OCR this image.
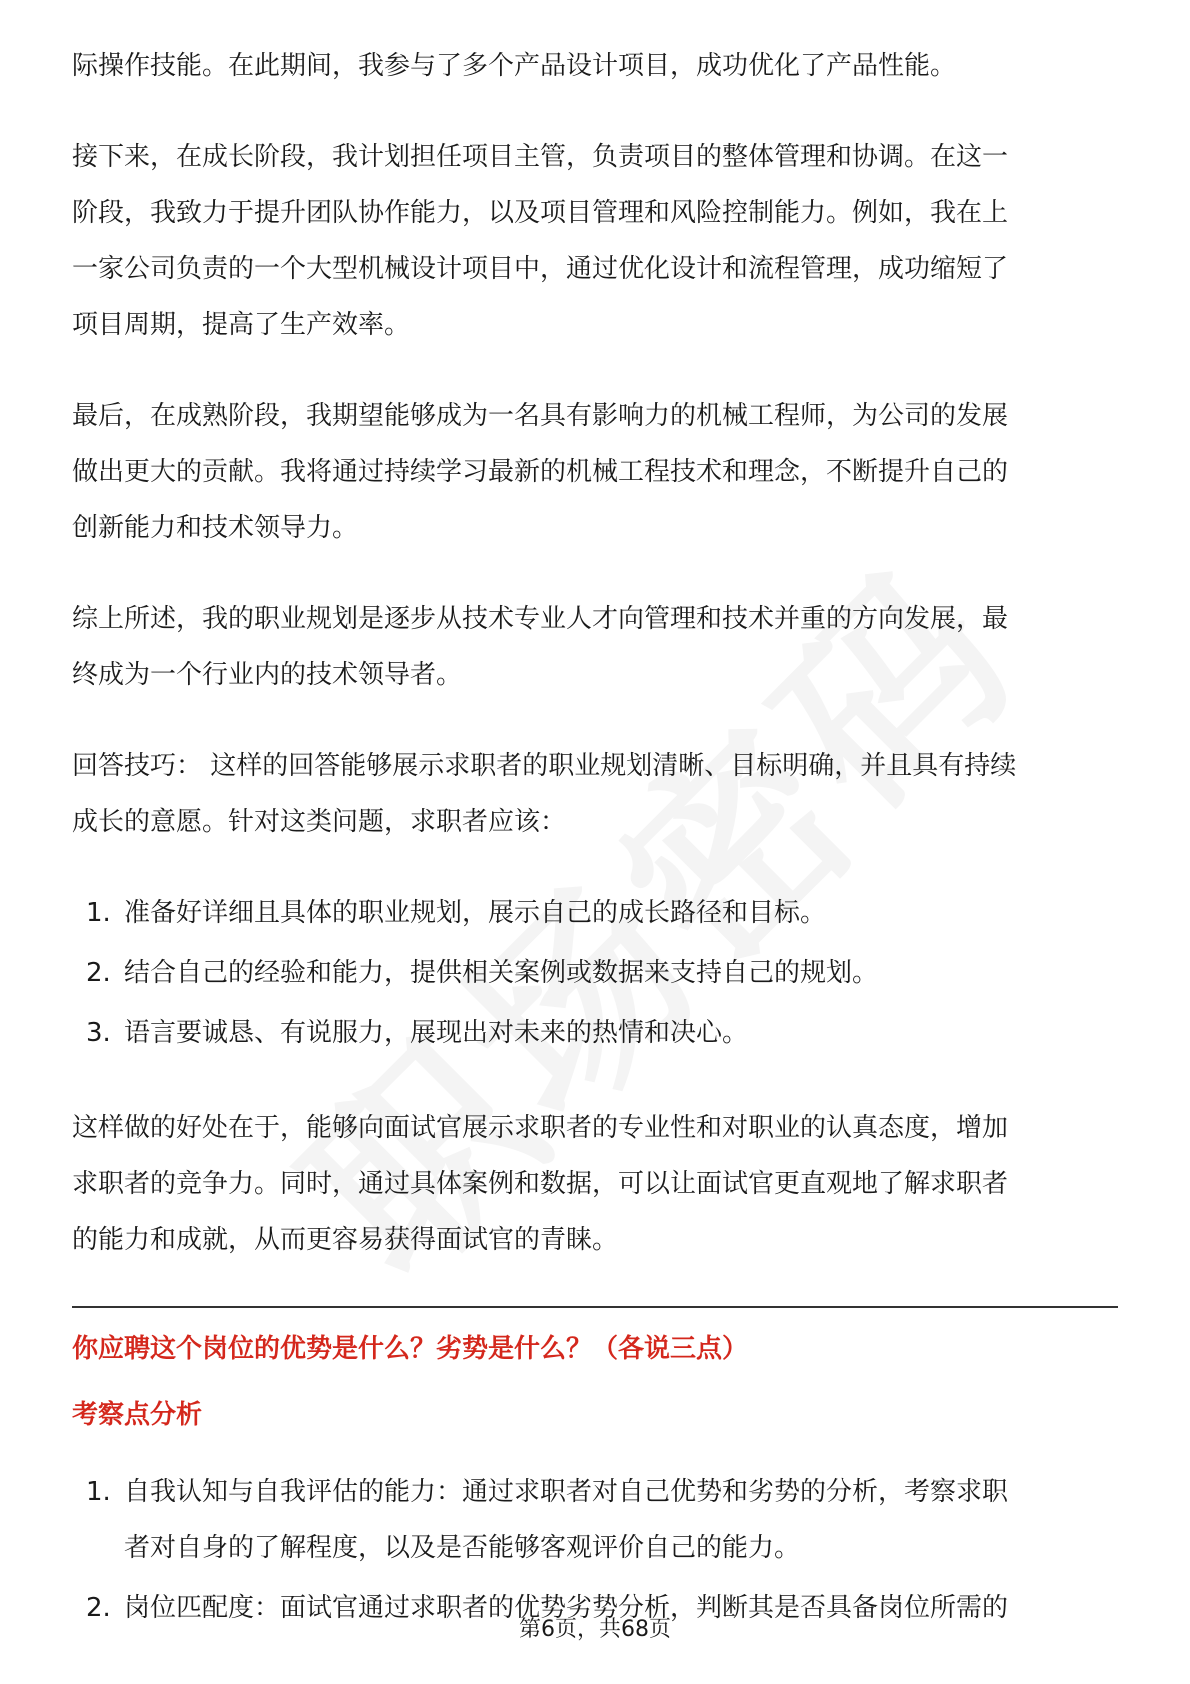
际操作技能。在此期间，我参与了多个产品设计项目，成功优化了产品性能。

接下来，在成长阶段，我计划担任项目主管，负责项目的整体管理和协调。在这一
阶段，我致力于提升团队协作能力，以及项目管理和风险控制能力。例如，我在上
一家公司负责的一个大型机械设计项目中，通过优化设计和流程管理，成功缩短了
项目周期，提高了生产效率。

最后，在成熟阶段，我期望能够成为一名具有影响力的机械工程师，为公司的发展
做出更大的贡献。我将通过持续学习最新的机械工程技术和理念，不断提升自己的
创新能力和技术领导力。

综上所述，我的职业规划是逐步从技术专业人才向管理和技术并重的方向发展，最
终成为一个行业内的技术领导者。

回答技巧： 这样的回答能够展示求职者的职业规划清晰、目标明确，并且具有持续
成长的意愿。针对这类问题，求职者应该：

1. 准备好详细且具体的职业规划，展示自己的成长路径和目标。
2. 结合自己的经验和能力，提供相关案例或数据来支持自己的规划。
3. 语言要诚恳、有说服力，展现出对未来的热情和决心。

这样做的好处在于，能够向面试官展示求职者的专业性和对职业的认真态度，增加
求职者的竞争力。同时，通过具体案例和数据，可以让面试官更直观地了解求职者
的能力和成就，从而更容易获得面试官的青睐。

你应聘这个岗位的优势是什么？劣势是什么？（各说三点）
考察点分析
1. 自我认知与自我评估的能力：通过求职者对自己优势和劣势的分析，考察求职
者对自身的了解程度，以及是否能够客观评价自己的能力。
2. 岗位匹配度：面试官通过求职者的优势劣势分析，判断其是否具备岗位所需的
第6页，共68页
